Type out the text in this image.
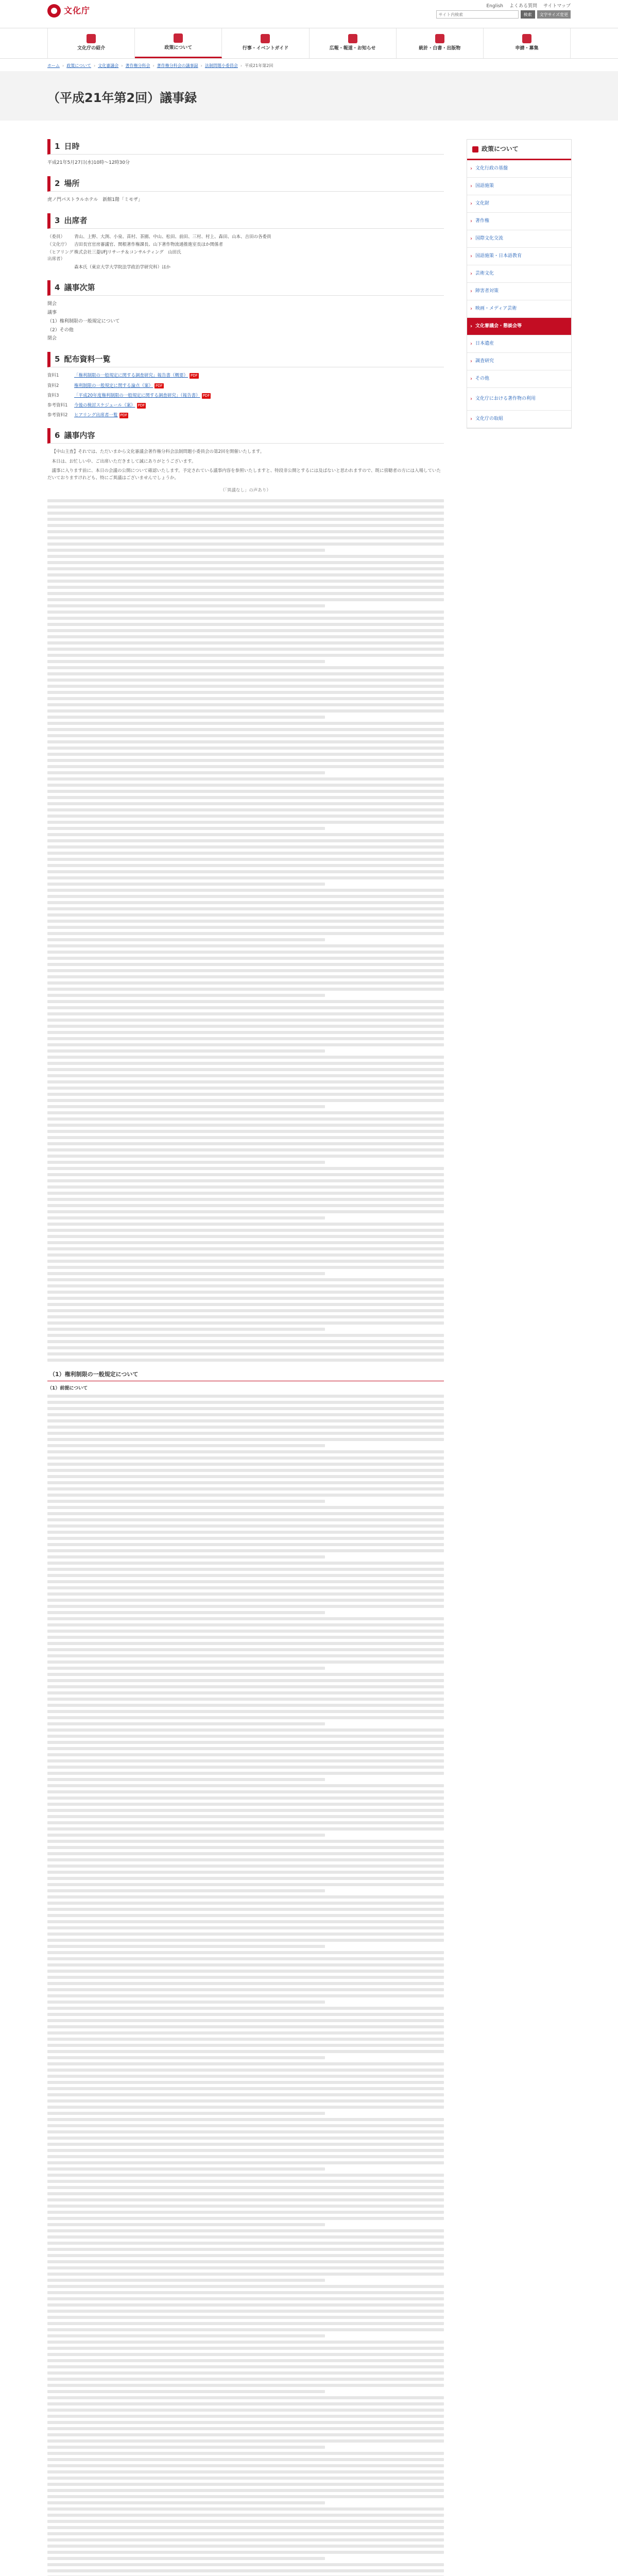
文化庁	English よくある質問 サイトマップ
サイト内検索
検索	文字サイズ変更
文化庁の紹介	政策について	行事・イベントガイド	広報・報道・お知らせ	統計・白書・出版物	申請・募集
ホーム › 政策について › 文化審議会 › 著作権分科会 › 著作権分科会の議事録 › 法制問題小委員会 › 平成21年第2回
（平成21年第2回）議事録
1 日時
平成21年5月27日(水)10時〜12時30分
2 場所
虎ノ門パストラルホテル　新館1階「ミモザ」
3 出席者
（委員）	青山、上野、大渕、小泉、苗村、茶園、中山、松田、前田、三村、村上、森田、山本、吉田の各委員
（文化庁）	吉田長官官房審議官、関根著作権課長、山下著作物流通推進室長ほか関係者
（ヒアリング出席者）
株式会社三菱UFJリサーチ＆コンサルティング　山田氏
森本氏（東京大学大学院法学政治学研究科）ほか
4 議事次第
開会
議事
（1）権利制限の一般規定について
（2）その他
閉会
5 配布資料一覧
資料1	「権利制限の一般規定に関する調査研究」報告書（概要） PDF
資料2	権利制限の一般規定に関する論点（案） PDF
資料3	「平成20年度権利制限の一般規定に関する調査研究」（報告書） PDF
参考資料1	今後の検討スケジュール（案） PDF
参考資料2	ヒアリング出席者一覧 PDF
6 議事内容

【中山主査】それでは、ただいまから文化審議会著作権分科会法制問題小委員会の第2回を開催いたします。

本日は、お忙しい中、ご出席いただきまして誠にありがとうございます。

議事に入ります前に、本日の会議の公開について確認いたします。予定されている議事内容を参照いたしますと、特段非公開とするには及ばないと思われますので、既に傍聴者の方には入場していただいておりますけれども、特にご異議はございませんでしょうか。

（「異議なし」の声あり）
（1）権利制限の一般規定について
（1）前提について
政策について
› 文化行政の基盤
› 国語施策
› 文化財
› 著作権
› 国際文化交流
› 国語施策・日本語教育
› 芸術文化
› 障害者対策
› 映画・メディア芸術
› 文化審議会・懇談会等
› 日本遺産
› 調査研究
› その他
› 文化庁における著作物の利用
› 文化庁の取組
